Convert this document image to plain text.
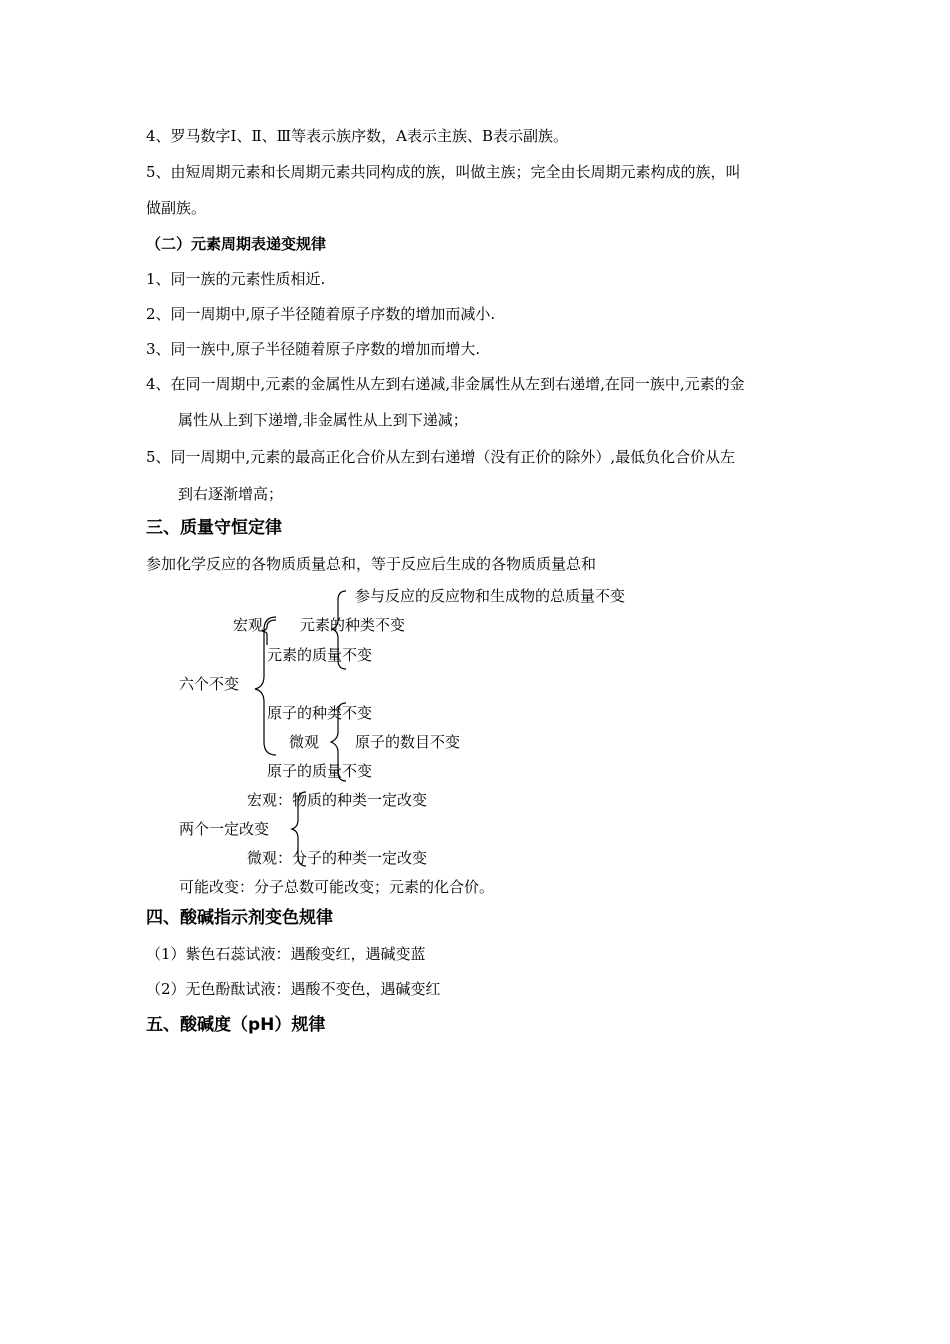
4、罗马数字Ⅰ、Ⅱ、Ⅲ等表示族序数，A表示主族、B表示副族。
5、由短周期元素和长周期元素共同构成的族，叫做主族；完全由长周期元素构成的族，叫
做副族。
（二）元素周期表递变规律
1、同一族的元素性质相近.
2、同一周期中,原子半径随着原子序数的增加而减小.
3、同一族中,原子半径随着原子序数的增加而增大.
4、在同一周期中,元素的金属性从左到右递减,非金属性从左到右递增,在同一族中,元素的金
属性从上到下递增,非金属性从上到下递减；
5、同一周期中,元素的最高正化合价从左到右递增（没有正价的除外）,最低负化合价从左
到右逐渐增高；
三、质量守恒定律
参加化学反应的各物质质量总和，等于反应后生成的各物质质量总和
参与反应的反应物和生成物的总质量不变
宏观 元素的种类不变
元素的质量不变
六个不变
原子的种类不变
微观 原子的数目不变
原子的质量不变
宏观：物质的种类一定改变
两个一定改变
微观：分子的种类一定改变
可能改变：分子总数可能改变；元素的化合价。
四、酸碱指示剂变色规律
（1）紫色石蕊试液：遇酸变红，遇碱变蓝
（2）无色酚酞试液：遇酸不变色，遇碱变红
五、酸碱度（pH）规律
